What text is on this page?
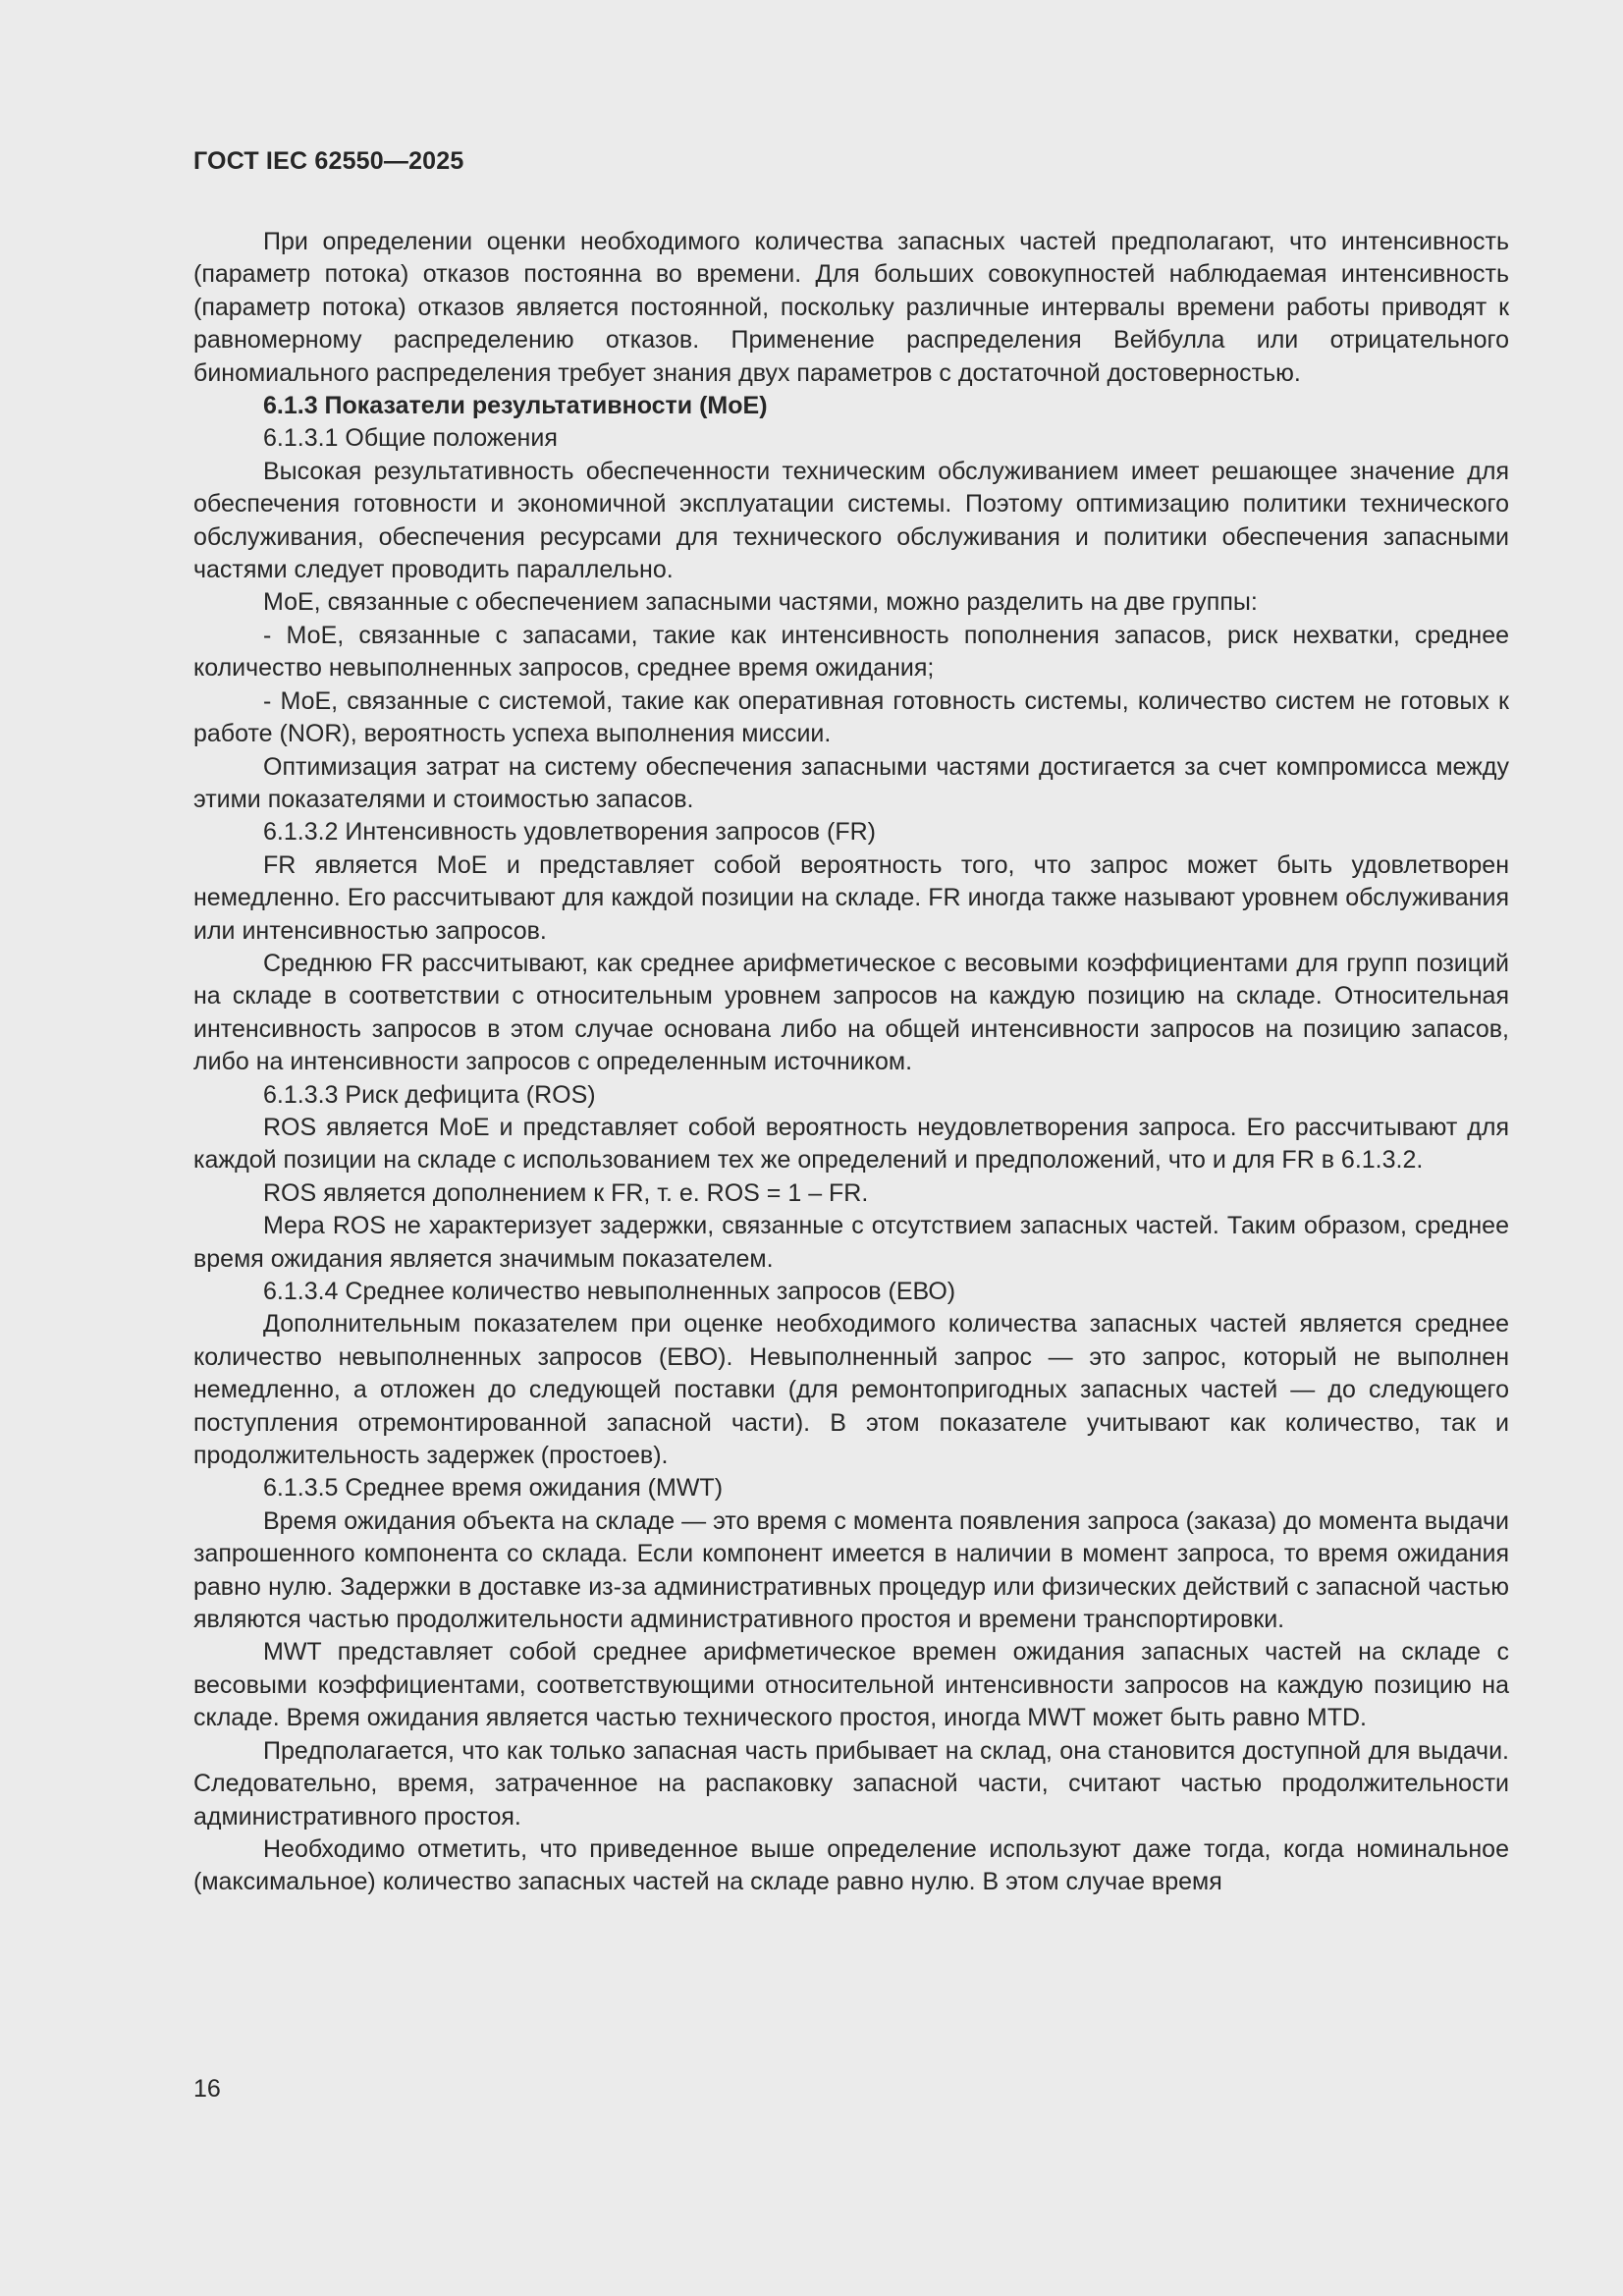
ГОСТ IEC 62550—2025

При определении оценки необходимого количества запасных частей предполагают, что интенсивность (параметр потока) отказов постоянна во времени. Для больших совокупностей наблюдаемая интенсивность (параметр потока) отказов является постоянной, поскольку различные интервалы времени работы приводят к равномерному распределению отказов. Применение распределения Вейбулла или отрицательного биномиального распределения требует знания двух параметров с достаточной достоверностью.

6.1.3 Показатели результативности (МоЕ)

6.1.3.1 Общие положения

Высокая результативность обеспеченности техническим обслуживанием имеет решающее значение для обеспечения готовности и экономичной эксплуатации системы. Поэтому оптимизацию политики технического обслуживания, обеспечения ресурсами для технического обслуживания и политики обеспечения запасными частями следует проводить параллельно.

МоЕ, связанные с обеспечением запасными частями, можно разделить на две группы:

- МоЕ, связанные с запасами, такие как интенсивность пополнения запасов, риск нехватки, среднее количество невыполненных запросов, среднее время ожидания;

- МоЕ, связанные с системой, такие как оперативная готовность системы, количество систем не готовых к работе (NOR), вероятность успеха выполнения миссии.

Оптимизация затрат на систему обеспечения запасными частями достигается за счет компромисса между этими показателями и стоимостью запасов.

6.1.3.2 Интенсивность удовлетворения запросов (FR)

FR является МоЕ и представляет собой вероятность того, что запрос может быть удовлетворен немедленно. Его рассчитывают для каждой позиции на складе. FR иногда также называют уровнем обслуживания или интенсивностью запросов.

Среднюю FR рассчитывают, как среднее арифметическое с весовыми коэффициентами для групп позиций на складе в соответствии с относительным уровнем запросов на каждую позицию на складе. Относительная интенсивность запросов в этом случае основана либо на общей интенсивности запросов на позицию запасов, либо на интенсивности запросов с определенным источником.

6.1.3.3 Риск дефицита (ROS)

ROS является МоЕ и представляет собой вероятность неудовлетворения запроса. Его рассчитывают для каждой позиции на складе с использованием тех же определений и предположений, что и для FR в 6.1.3.2.

ROS является дополнением к FR, т. е. ROS = 1 – FR.

Мера ROS не характеризует задержки, связанные с отсутствием запасных частей. Таким образом, среднее время ожидания является значимым показателем.

6.1.3.4 Среднее количество невыполненных запросов (ЕВО)

Дополнительным показателем при оценке необходимого количества запасных частей является среднее количество невыполненных запросов (ЕВО). Невыполненный запрос — это запрос, который не выполнен немедленно, а отложен до следующей поставки (для ремонтопригодных запасных частей — до следующего поступления отремонтированной запасной части). В этом показателе учитывают как количество, так и продолжительность задержек (простоев).

6.1.3.5 Среднее время ожидания (MWT)

Время ожидания объекта на складе — это время с момента появления запроса (заказа) до момента выдачи запрошенного компонента со склада. Если компонент имеется в наличии в момент запроса, то время ожидания равно нулю. Задержки в доставке из-за административных процедур или физических действий с запасной частью являются частью продолжительности административного простоя и времени транспортировки.

MWT представляет собой среднее арифметическое времен ожидания запасных частей на складе с весовыми коэффициентами, соответствующими относительной интенсивности запросов на каждую позицию на складе. Время ожидания является частью технического простоя, иногда MWT может быть равно MTD.

Предполагается, что как только запасная часть прибывает на склад, она становится доступной для выдачи. Следовательно, время, затраченное на распаковку запасной части, считают частью продолжительности административного простоя.

Необходимо отметить, что приведенное выше определение используют даже тогда, когда номинальное (максимальное) количество запасных частей на складе равно нулю. В этом случае время

16
